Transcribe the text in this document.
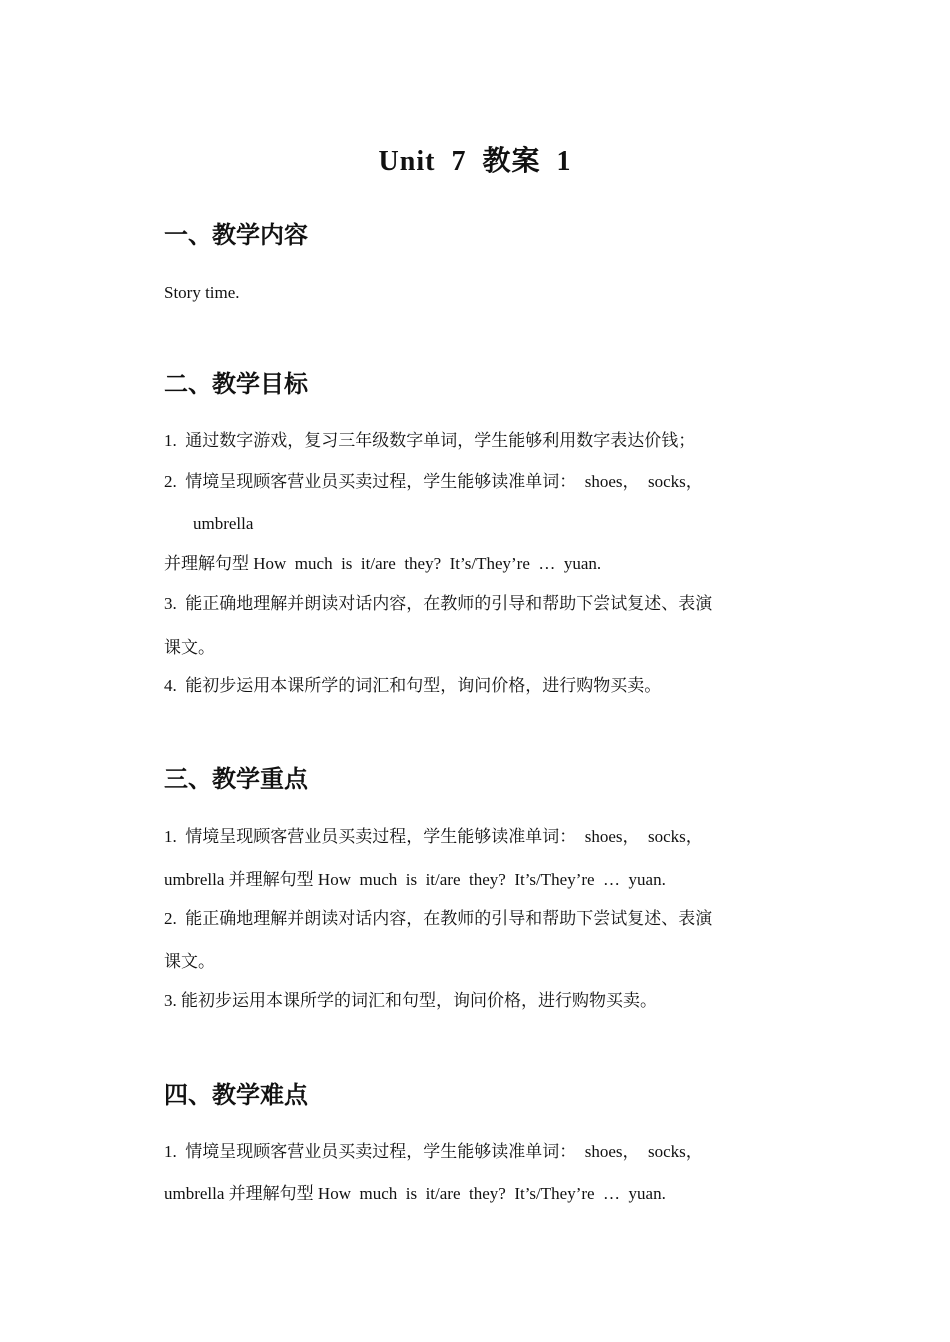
Unit  7  教案  1
一、教学内容
Story time.
二、教学目标
1.  通过数字游戏，复习三年级数字单词，学生能够利用数字表达价钱；
2.  情境呈现顾客营业员买卖过程，学生能够读准单词：  shoes，  socks，
umbrella
并理解句型 How  much  is  it/are  they?  It’s/They’re  …  yuan.
3.  能正确地理解并朗读对话内容，在教师的引导和帮助下尝试复述、表演
课文。
4.  能初步运用本课所学的词汇和句型，询问价格，进行购物买卖。
三、教学重点
1.  情境呈现顾客营业员买卖过程，学生能够读准单词：  shoes，  socks，
umbrella 并理解句型 How  much  is  it/are  they?  It’s/They’re  …  yuan.
2.  能正确地理解并朗读对话内容，在教师的引导和帮助下尝试复述、表演
课文。
3. 能初步运用本课所学的词汇和句型，询问价格，进行购物买卖。
四、教学难点
1.  情境呈现顾客营业员买卖过程，学生能够读准单词：  shoes，  socks，
umbrella 并理解句型 How  much  is  it/are  they?  It’s/They’re  …  yuan.
